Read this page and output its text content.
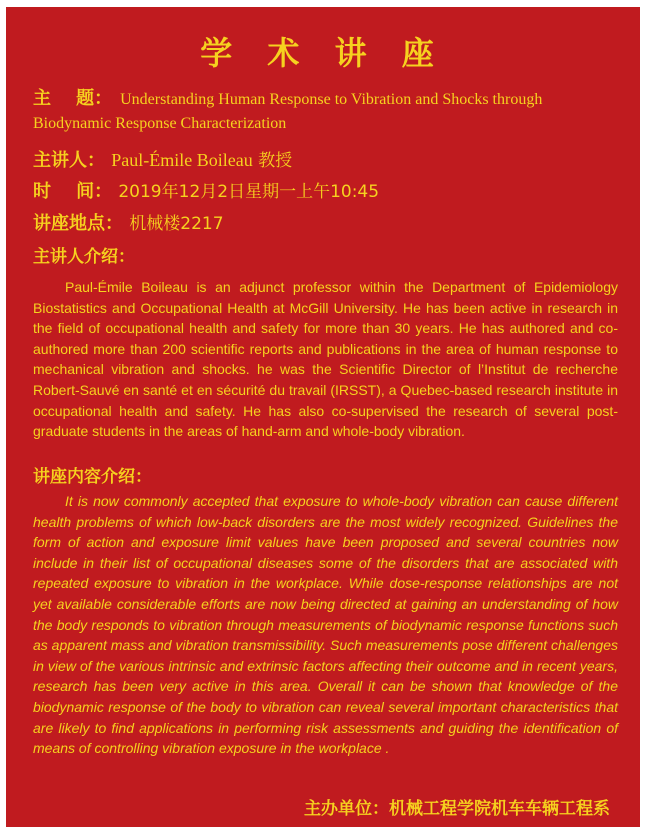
学 术 讲 座
主    题： Understanding Human Response to Vibration and Shocks through Biodynamic Response Characterization
主讲人： Paul-Émile Boileau 教授
时    间： 2019年12月2日星期一上午10:45
讲座地点： 机械楼2217
主讲人介绍：
Paul-Émile Boileau is an adjunct professor within the Department of Epidemiology Biostatistics and Occupational Health at McGill University. He has been active in research in the field of occupational health and safety for more than 30 years. He has authored and co-authored more than 200 scientific reports and publications in the area of human response to mechanical vibration and shocks. he was the Scientific Director of l’Institut de recherche Robert-Sauvé en santé et en sécurité du travail (IRSST), a Quebec-based research institute in occupational health and safety. He has also co-supervised the research of several post-graduate students in the areas of hand-arm and whole-body vibration.
讲座内容介绍：
It is now commonly accepted that exposure to whole-body vibration can cause different health problems of which low-back disorders are the most widely recognized. Guidelines the form of action and exposure limit values have been proposed and several countries now include in their list of occupational diseases some of the disorders that are associated with repeated exposure to vibration in the workplace. While dose-response relationships are not yet available considerable efforts are now being directed at gaining an understanding of how the body responds to vibration through measurements of biodynamic response functions such as apparent mass and vibration transmissibility. Such measurements pose different challenges in view of the various intrinsic and extrinsic factors affecting their outcome and in recent years, research has been very active in this area. Overall it can be shown that knowledge of the biodynamic response of the body to vibration can reveal several important characteristics that are likely to find applications in performing risk assessments and guiding the identification of means of controlling vibration exposure in the workplace .
主办单位：机械工程学院机车车辆工程系
